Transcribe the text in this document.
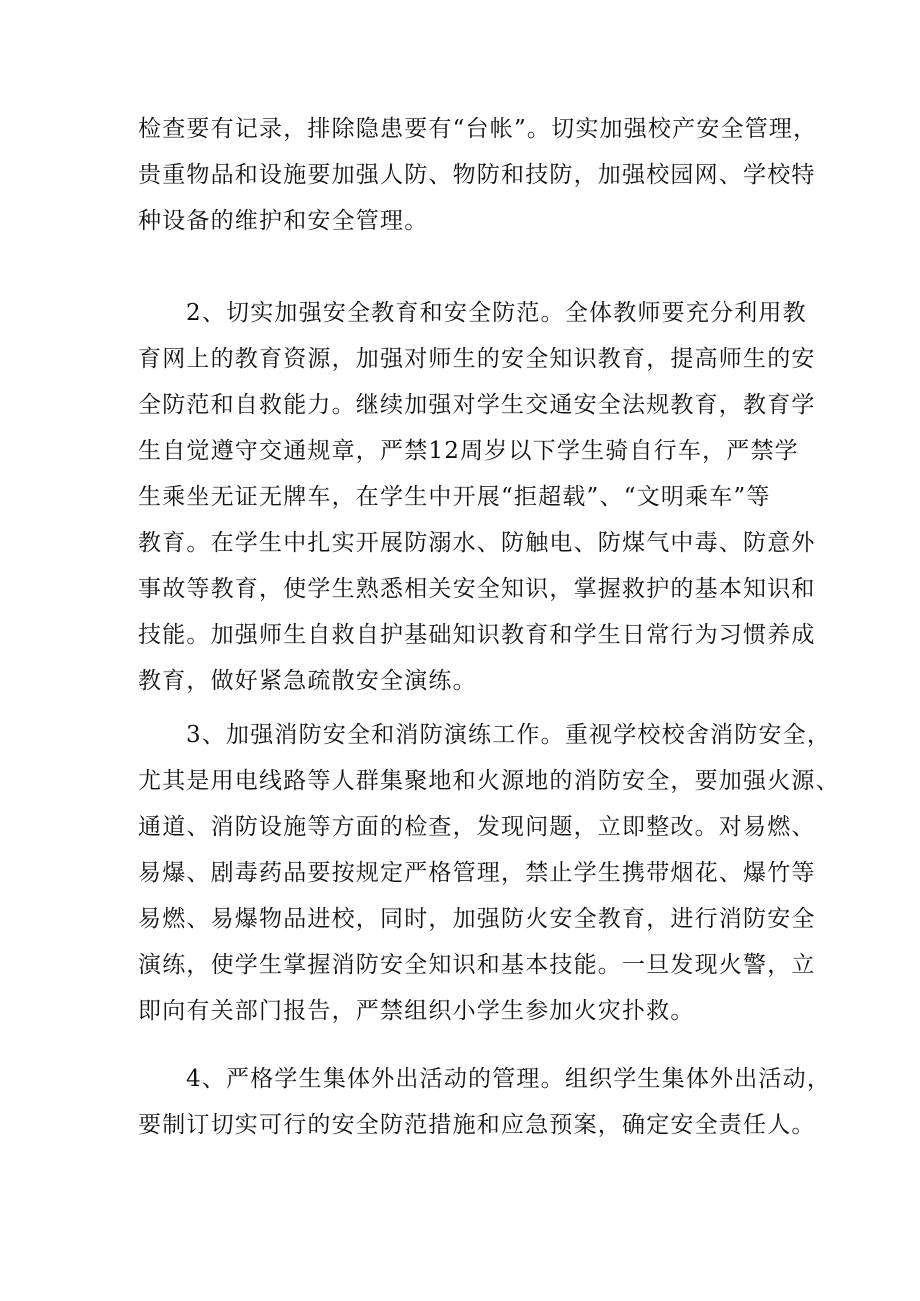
检查要有记录，排除隐患要有“台帐”。切实加强校产安全管理，
贵重物品和设施要加强人防、物防和技防，加强校园网、学校特
种设备的维护和安全管理。
2、切实加强安全教育和安全防范。全体教师要充分利用教
育网上的教育资源，加强对师生的安全知识教育，提高师生的安
全防范和自救能力。继续加强对学生交通安全法规教育，教育学
生自觉遵守交通规章，严禁12周岁以下学生骑自行车，严禁学
生乘坐无证无牌车，在学生中开展“拒超载”、“文明乘车”等
教育。在学生中扎实开展防溺水、防触电、防煤气中毒、防意外
事故等教育，使学生熟悉相关安全知识，掌握救护的基本知识和
技能。加强师生自救自护基础知识教育和学生日常行为习惯养成
教育，做好紧急疏散安全演练。
3、加强消防安全和消防演练工作。重视学校校舍消防安全，
尤其是用电线路等人群集聚地和火源地的消防安全，要加强火源、
通道、消防设施等方面的检查，发现问题，立即整改。对易燃、
易爆、剧毒药品要按规定严格管理，禁止学生携带烟花、爆竹等
易燃、易爆物品进校，同时，加强防火安全教育，进行消防安全
演练，使学生掌握消防安全知识和基本技能。一旦发现火警，立
即向有关部门报告，严禁组织小学生参加火灾扑救。
4、严格学生集体外出活动的管理。组织学生集体外出活动，
要制订切实可行的安全防范措施和应急预案，确定安全责任人。
